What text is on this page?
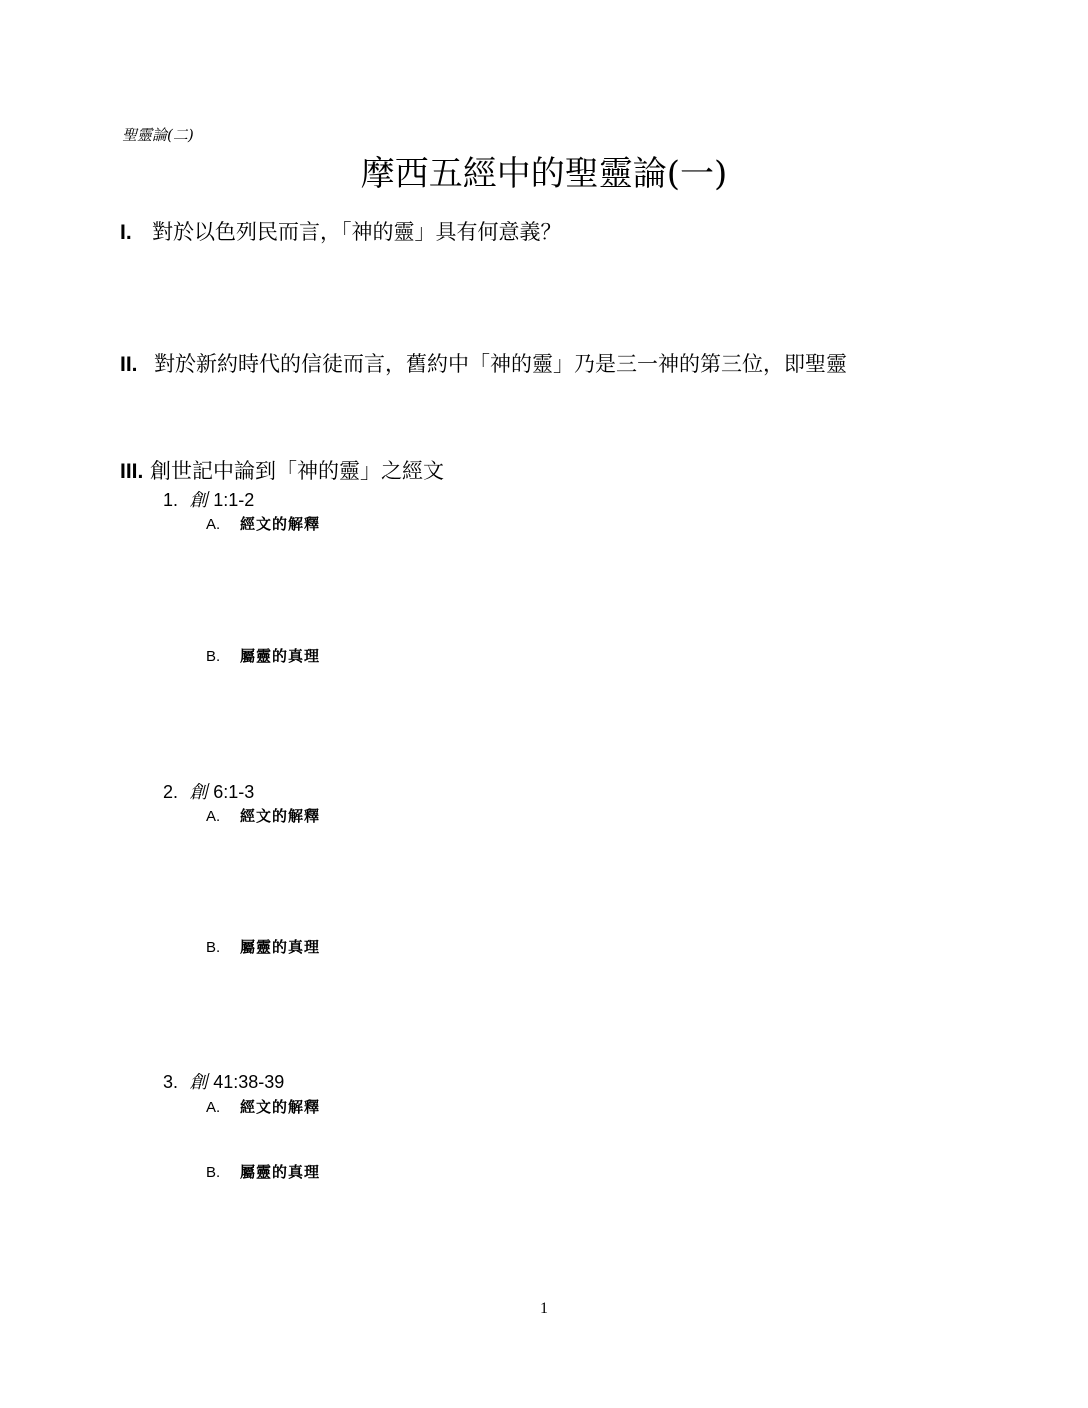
聖靈論(二)
摩西五經中的聖靈論(一)
I. 對於以色列民而言，「神的靈」具有何意義？
II. 對於新約時代的信徒而言，舊約中「神的靈」乃是三一神的第三位，即聖靈
III. 創世記中論到「神的靈」之經文
1. 創 1:1-2
A. 經文的解釋
B. 屬靈的真理
2. 創 6:1-3
A. 經文的解釋
B. 屬靈的真理
3. 創 41:38-39
A. 經文的解釋
B. 屬靈的真理
1
